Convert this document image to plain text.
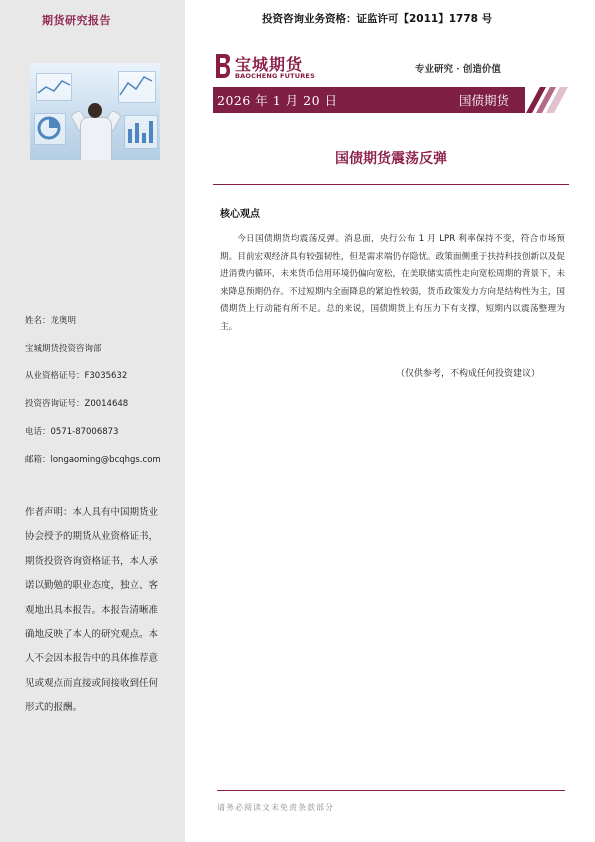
期货研究报告
姓名：龙奥明
宝城期货投资咨询部
从业资格证号：F3035632
投资咨询证号：Z0014648
电话：0571-87006873
邮箱：longaoming@bcqhgs.com
作者声明：本人具有中国期货业协会授予的期货从业资格证书，期货投资咨询资格证书，本人承诺以勤勉的职业态度，独立、客观地出具本报告。本报告清晰准确地反映了本人的研究观点。本人不会因本报告中的具体推荐意见或观点而直接或间接收到任何形式的报酬。
投资咨询业务资格：证监许可【2011】1778 号
宝城期货
BAOCHENG FUTURES
专业研究 · 创造价值
2026 年 1 月 20 日	国债期货
国债期货震荡反弹
核心观点
今日国债期货均震荡反弹。消息面，央行公布 1 月 LPR 利率保持不变，符合市场预期。目前宏观经济具有较强韧性，但是需求端仍存隐忧。政策面侧重于扶持科技创新以及促进消费内循环，未来货币信用环境仍偏向宽松，在美联储实质性走向宽松周期的背景下，未来降息预期仍存。不过短期内全面降息的紧迫性较弱，货币政策发力方向是结构性为主，国债期货上行动能有所不足。总的来说，国债期货上有压力下有支撑，短期内以震荡整理为主。
（仅供参考，不构成任何投资建议）
请务必阅读文末免责条款部分
